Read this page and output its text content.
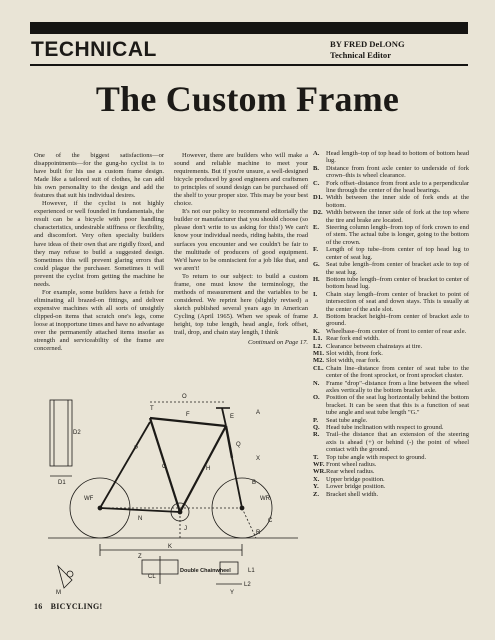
TECHNICAL	BY FRED DeLONG
Technical Editor
The Custom Frame

One of the biggest satisfactions—or disappointments—for the gung-ho cyclist is to have built for his use a custom frame design. Made like a tailored suit of clothes, he can add his own personality to the design and add the features that suit his individual desires.

However, if the cyclist is not highly experienced or well founded in fundamentals, the result can be a bicycle with poor handling characteristics, undesirable stiffness or flexibility, and discomfort. Very often specialty builders have ideas of their own that are rigidly fixed, and they may refuse to build a suggested design. Sometimes this will prevent glaring errors that could plague the purchaser. Sometimes it will prevent the cyclist from getting the machine he needs.

For example, some builders have a fetish for eliminating all brazed-on fittings, and deliver expensive machines with all sorts of unsightly clipped-on items that scratch one's legs, come loose at inopportune times and have no advantage over the permanently attached items insofar as strength and serviceability of the frame are concerned.

However, there are builders who will make a sound and reliable machine to meet your requirements. But if you're unsure, a well-designed bicycle produced by good engineers and craftsmen to principles of sound design can be purchased off the shelf to your proper size. This may be your best choice.

It's not our policy to recommend editorially the builder or manufacturer that you should choose (so please don't write to us asking for this!) We can't know your individual needs, riding habits, the road surfaces you encounter and we couldn't be fair to the multitude of producers of good equipment. We'd have to be omniscient for a job like that, and we aren't!

To return to our subject: to build a custom frame, one must know the terminology, the methods of measurement and the variables to be considered. We reprint here (slightly revised) a sketch published several years ago in American Cycling (April 1965). When we speak of frame height, top tube length, head angle, fork offset, trail, drop, and chain stay length, I think

Continued on Page 17.

A.	Head length–top of top head to bottom of bottom head lug.
B.	Distance from front axle center to underside of fork crown–this is wheel clearance.
C.	Fork offset–distance from front axle to a perpendicular line through the center of the head bearings.
D1. Width between the inner side of fork ends at the bottom.
D2. Width between the inner side of fork at the top where the tire and brake are located.
E.	Steering column length–from top of fork crown to end of stem. The actual tube is longer, going to the bottom of the crown.
F.	Length of top tube–from center of top head lug to center of seat lug.
G. Seat tube length–from center of bracket axle to top of the seat lug.
H. Bottom tube length–from center of bracket to center of bottom head lug.
I.	Chain stay length–from center of bracket to point of intersection of seat and down stays. This is usually at the center of the axle slot.
J.	Bottom bracket height–from center of bracket axle to ground.
K. Wheelbase–from center of front to center of rear axle.
L1. Rear fork end width.
L2. Clearance between chainstays at tire.
M1. Slot width, front fork.
M2. Slot width, rear fork.
CL. Chain line–distance from center of seat tube to the center of the front sprocket, or front sprocket cluster.
N.	Frame "drop"–distance from a line between the wheel axles vertically to the bottom bracket axle.
O. Position of the seat lug horizontally behind the bottom bracket. It can be seen that this is a function of seat tube angle and seat tube length "G."
P.	Seat tube angle.
Q. Head tube inclination with respect to ground.
R.	Trail–the distance that an extension of the steering axis is ahead (+) or behind (-) the point of wheel contact with the ground.
T.	Top tube angle with respect to ground.
WF. Front wheel radius.
WR. Rear wheel radius.
X.	Upper bridge position.
Y.	Lower bridge position.
Z.	Bracket shell width.
Double Chainwheel
CL
D2
D1
E
F
G	H
J
K
L1
L2
M
N
O
P
Q
R
T
WF	WR
X
Y
Z
A
B
C
16 BICYCLING!
